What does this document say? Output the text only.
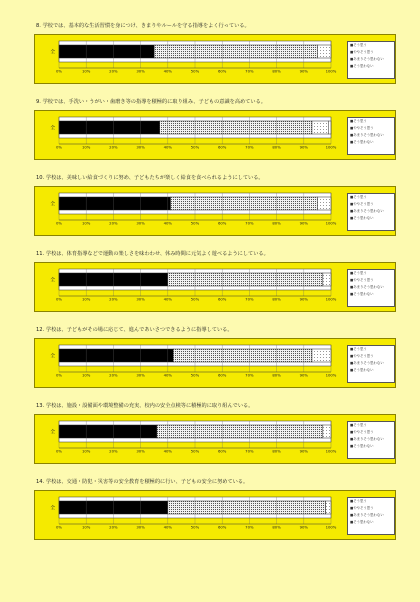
8. 学校では、基本的な生活習慣を身につけ、きまりやルールを守る指導をよく行っている。
全
0%	10%	20%	30%	40%	50%	60%	70%	80%	90%	100%
■そう思う
■ややそう思う
■あまりそう思わない
■そう思わない
9. 学校では、手洗い・うがい・歯磨き等の指導を積極的に取り組み、子どもの意識を高めている。
全
0%	10%	20%	30%	40%	50%	60%	70%	80%	90%	100%
■そう思う
■ややそう思う
■あまりそう思わない
■そう思わない
10. 学校は、美味しい給食づくりに努め、子どもたちが楽しく給食を食べられるようにしている。
全
0%	10%	20%	30%	40%	50%	60%	70%	80%	90%	100%
■そう思う
■ややそう思う
■あまりそう思わない
■そう思わない
11. 学校は、体育指導などで運動の楽しさを味わわせ、休み時間に元気よく遊べるようにしている。
全
0%	10%	20%	30%	40%	50%	60%	70%	80%	90%	100%
■そう思う
■ややそう思う
■あまりそう思わない
■そう思わない
12. 学校は、子どもがその場に応じて、進んであいさつできるように指導している。
全
0%	10%	20%	30%	40%	50%	60%	70%	80%	90%	100%
■そう思う
■ややそう思う
■あまりそう思わない
■そう思わない
13. 学校は、施設・設備面や環境整備の充実、校内の安全点検等に積極的に取り組んでいる。
全
0%	10%	20%	30%	40%	50%	60%	70%	80%	90%	100%
■そう思う
■ややそう思う
■あまりそう思わない
■そう思わない
14. 学校は、交通・防犯・災害等の安全教育を積極的に行い、子どもの安全に努めている。
全
0%	10%	20%	30%	40%	50%	60%	70%	80%	90%	100%
■そう思う
■ややそう思う
■あまりそう思わない
■そう思わない
